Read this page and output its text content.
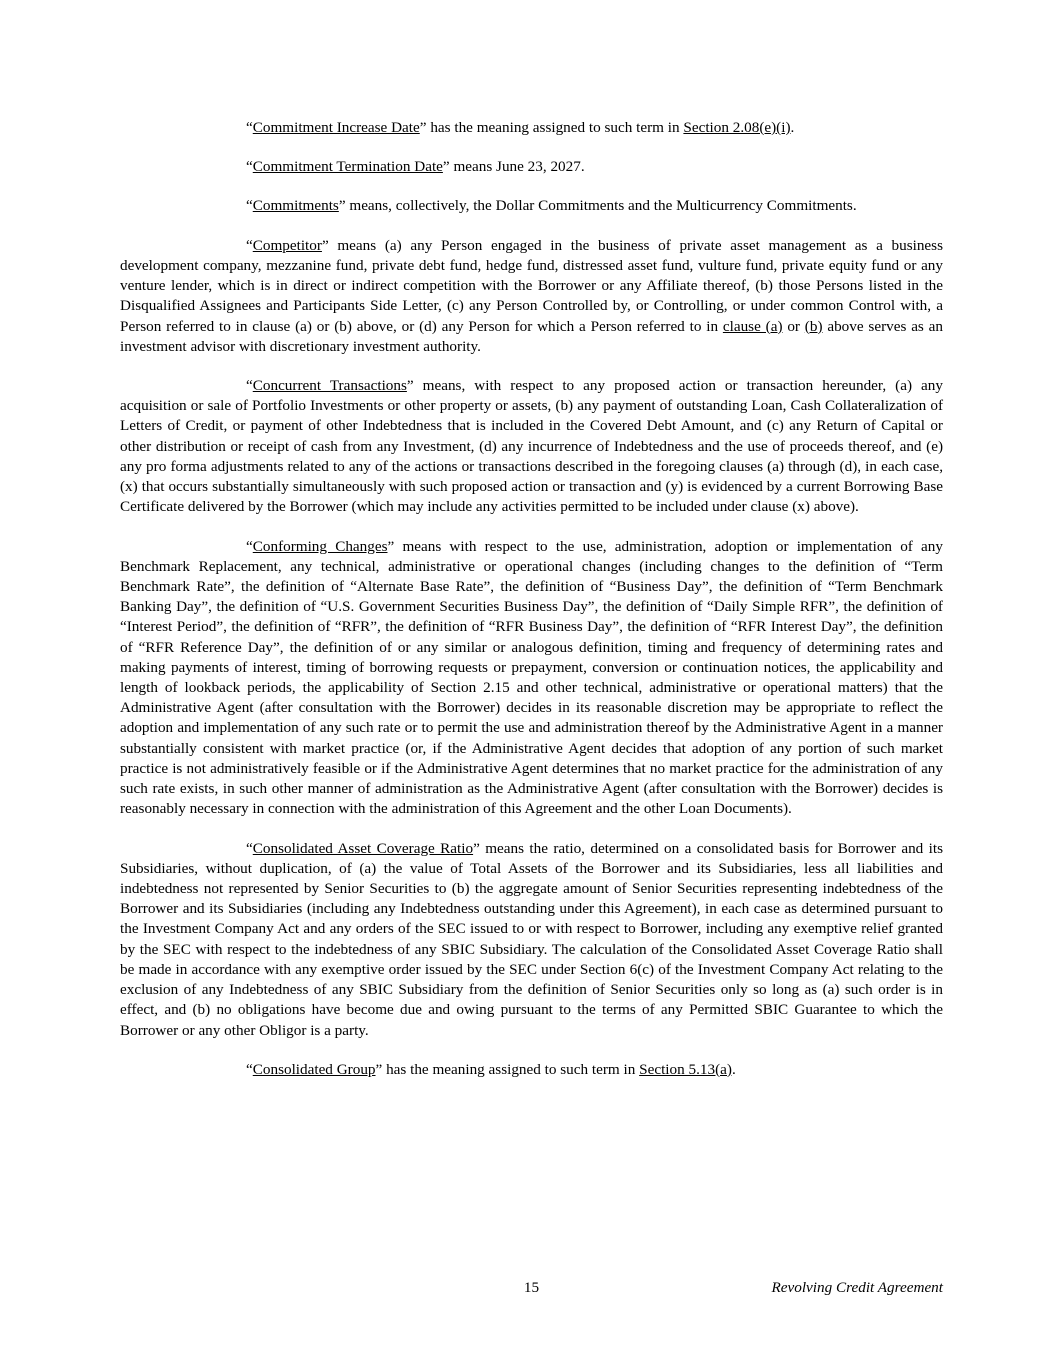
“Commitment Increase Date” has the meaning assigned to such term in Section 2.08(e)(i).

“Commitment Termination Date” means June 23, 2027.

“Commitments” means, collectively, the Dollar Commitments and the Multicurrency Commitments.

“Competitor” means (a) any Person engaged in the business of private asset management as a business development company, mezzanine fund, private debt fund, hedge fund, distressed asset fund, vulture fund, private equity fund or any venture lender, which is in direct or indirect competition with the Borrower or any Affiliate thereof, (b) those Persons listed in the Disqualified Assignees and Participants Side Letter, (c) any Person Controlled by, or Controlling, or under common Control with, a Person referred to in clause (a) or (b) above, or (d) any Person for which a Person referred to in clause (a) or (b) above serves as an investment advisor with discretionary investment authority.

“Concurrent Transactions” means, with respect to any proposed action or transaction hereunder, (a) any acquisition or sale of Portfolio Investments or other property or assets, (b) any payment of outstanding Loan, Cash Collateralization of Letters of Credit, or payment of other Indebtedness that is included in the Covered Debt Amount, and (c) any Return of Capital or other distribution or receipt of cash from any Investment, (d) any incurrence of Indebtedness and the use of proceeds thereof, and (e) any pro forma adjustments related to any of the actions or transactions described in the foregoing clauses (a) through (d), in each case, (x) that occurs substantially simultaneously with such proposed action or transaction and (y) is evidenced by a current Borrowing Base Certificate delivered by the Borrower (which may include any activities permitted to be included under clause (x) above).

“Conforming Changes” means with respect to the use, administration, adoption or implementation of any Benchmark Replacement, any technical, administrative or operational changes (including changes to the definition of “Term Benchmark Rate”, the definition of “Alternate Base Rate”, the definition of “Business Day”, the definition of “Term Benchmark Banking Day”, the definition of “U.S. Government Securities Business Day”, the definition of “Daily Simple RFR”, the definition of “Interest Period”, the definition of “RFR”, the definition of “RFR Business Day”, the definition of “RFR Interest Day”, the definition of “RFR Reference Day”, the definition of or any similar or analogous definition, timing and frequency of determining rates and making payments of interest, timing of borrowing requests or prepayment, conversion or continuation notices, the applicability and length of lookback periods, the applicability of Section 2.15 and other technical, administrative or operational matters) that the Administrative Agent (after consultation with the Borrower) decides in its reasonable discretion may be appropriate to reflect the adoption and implementation of any such rate or to permit the use and administration thereof by the Administrative Agent in a manner substantially consistent with market practice (or, if the Administrative Agent decides that adoption of any portion of such market practice is not administratively feasible or if the Administrative Agent determines that no market practice for the administration of any such rate exists, in such other manner of administration as the Administrative Agent (after consultation with the Borrower) decides is reasonably necessary in connection with the administration of this Agreement and the other Loan Documents).

“Consolidated Asset Coverage Ratio” means the ratio, determined on a consolidated basis for Borrower and its Subsidiaries, without duplication, of (a) the value of Total Assets of the Borrower and its Subsidiaries, less all liabilities and indebtedness not represented by Senior Securities to (b) the aggregate amount of Senior Securities representing indebtedness of the Borrower and its Subsidiaries (including any Indebtedness outstanding under this Agreement), in each case as determined pursuant to the Investment Company Act and any orders of the SEC issued to or with respect to Borrower, including any exemptive relief granted by the SEC with respect to the indebtedness of any SBIC Subsidiary. The calculation of the Consolidated Asset Coverage Ratio shall be made in accordance with any exemptive order issued by the SEC under Section 6(c) of the Investment Company Act relating to the exclusion of any Indebtedness of any SBIC Subsidiary from the definition of Senior Securities only so long as (a) such order is in effect, and (b) no obligations have become due and owing pursuant to the terms of any Permitted SBIC Guarantee to which the Borrower or any other Obligor is a party.

“Consolidated Group” has the meaning assigned to such term in Section 5.13(a).

15	Revolving Credit Agreement
